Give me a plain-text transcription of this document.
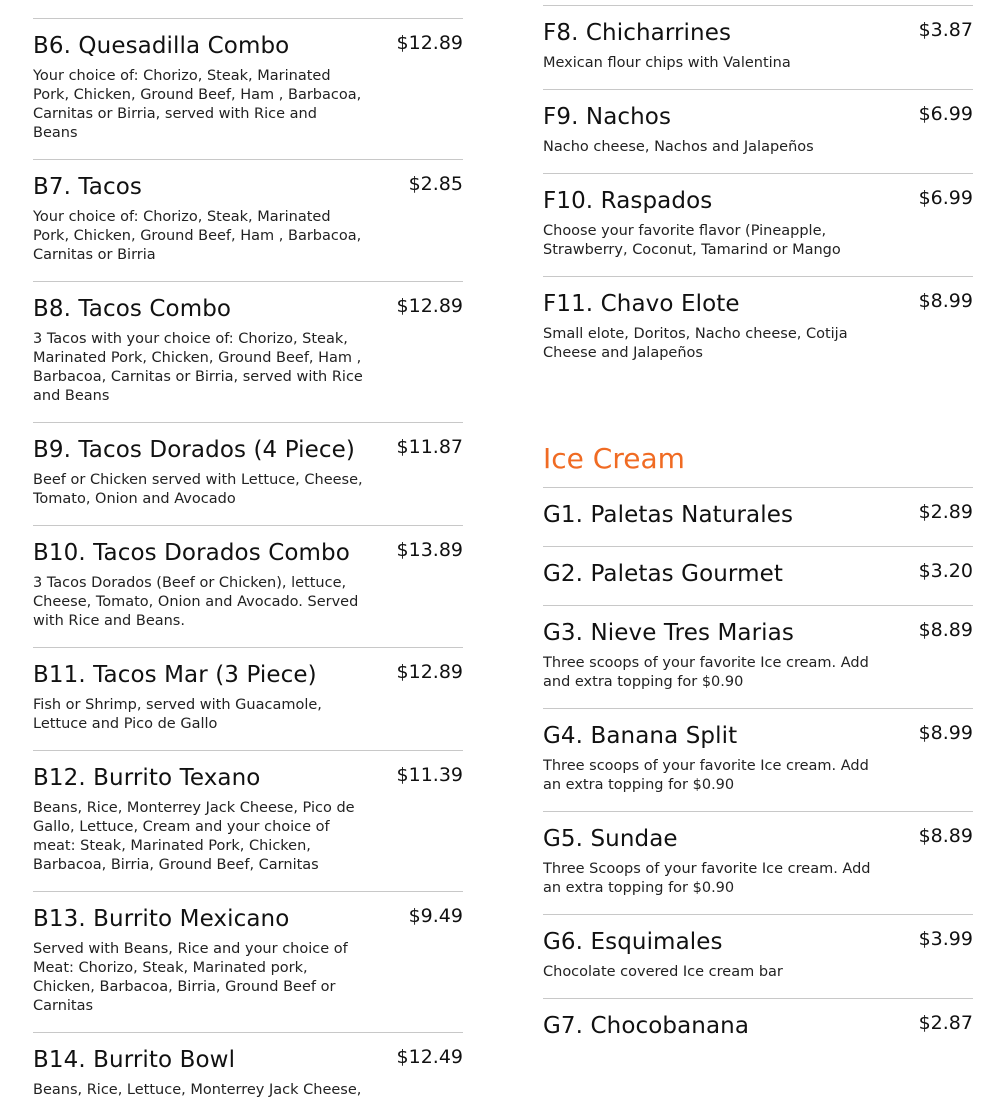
B6. Quesadilla Combo	$12.89

Your choice of: Chorizo, Steak, Marinated Pork, Chicken, Ground Beef, Ham , Barbacoa, Carnitas or Birria, served with Rice and Beans

B7. Tacos	$2.85

Your choice of: Chorizo, Steak, Marinated Pork, Chicken, Ground Beef, Ham , Barbacoa, Carnitas or Birria

B8. Tacos Combo	$12.89

3 Tacos with your choice of: Chorizo, Steak, Marinated Pork, Chicken, Ground Beef, Ham , Barbacoa, Carnitas or Birria, served with Rice and Beans

B9. Tacos Dorados (4 Piece)	$11.87

Beef or Chicken served with Lettuce, Cheese, Tomato, Onion and Avocado

B10. Tacos Dorados Combo	$13.89

3 Tacos Dorados (Beef or Chicken), lettuce, Cheese, Tomato, Onion and Avocado. Served with Rice and Beans.

B11. Tacos Mar (3 Piece)	$12.89

Fish or Shrimp, served with Guacamole, Lettuce and Pico de Gallo

B12. Burrito Texano	$11.39

Beans, Rice, Monterrey Jack Cheese, Pico de Gallo, Lettuce, Cream and your choice of meat: Steak, Marinated Pork, Chicken, Barbacoa, Birria, Ground Beef, Carnitas

B13. Burrito Mexicano	$9.49

Served with Beans, Rice and your choice of Meat: Chorizo, Steak, Marinated pork, Chicken, Barbacoa, Birria, Ground Beef or Carnitas

B14. Burrito Bowl	$12.49

Beans, Rice, Lettuce, Monterrey Jack Cheese,

F8. Chicharrines	$3.87

Mexican flour chips with Valentina

F9. Nachos	$6.99

Nacho cheese, Nachos and Jalapeños

F10. Raspados	$6.99

Choose your favorite flavor (Pineapple, Strawberry, Coconut, Tamarind or Mango

F11. Chavo Elote	$8.99

Small elote, Doritos, Nacho cheese, Cotija Cheese and Jalapeños

Ice Cream
G1. Paletas Naturales	$2.89
G2. Paletas Gourmet	$3.20
G3. Nieve Tres Marias	$8.89

Three scoops of your favorite Ice cream. Add and extra topping for $0.90

G4. Banana Split	$8.99

Three scoops of your favorite Ice cream. Add an extra topping for $0.90

G5. Sundae	$8.89

Three Scoops of your favorite Ice cream. Add an extra topping for $0.90

G6. Esquimales	$3.99

Chocolate covered Ice cream bar

G7. Chocobanana	$2.87
